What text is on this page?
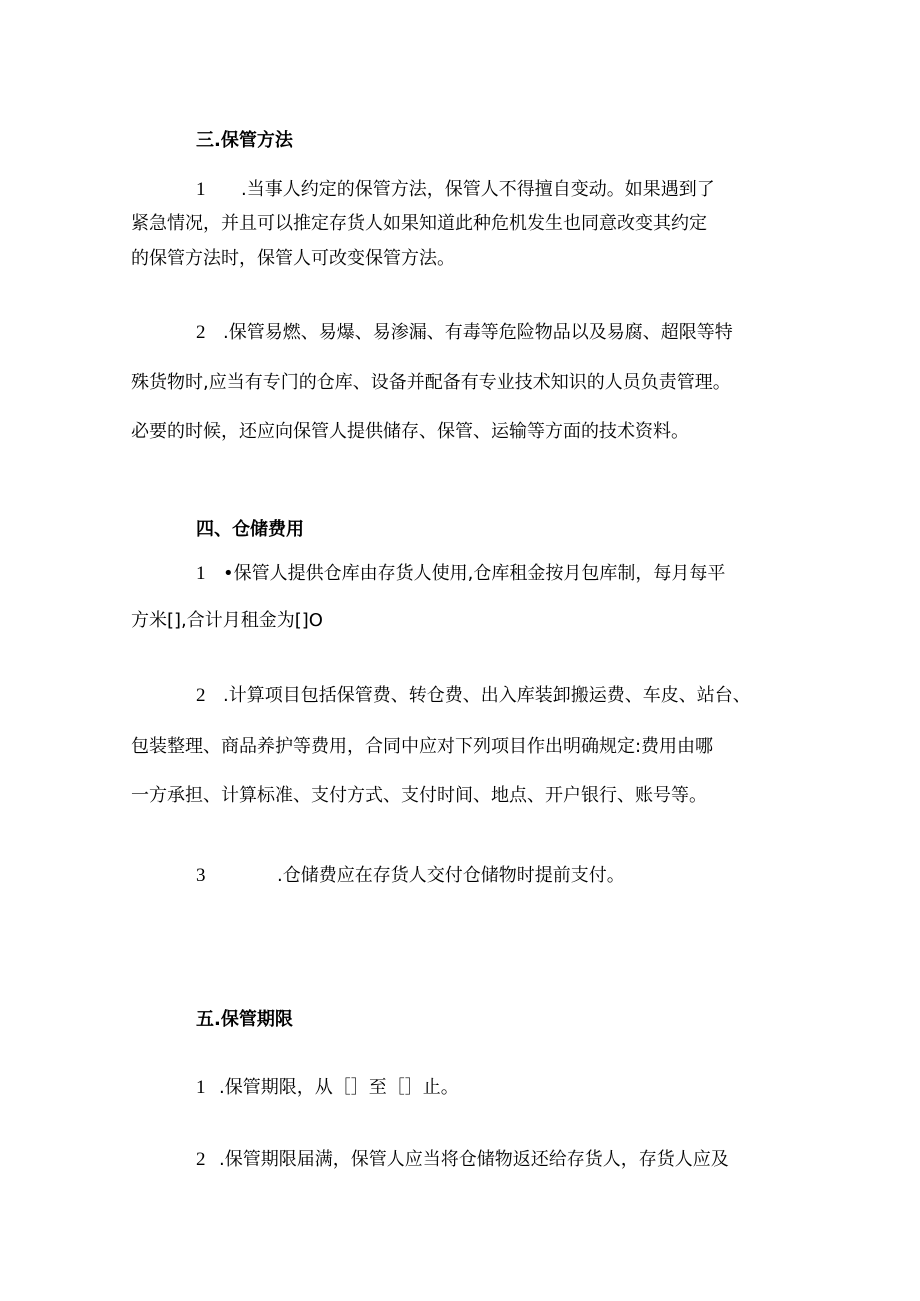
三.保管方法
1 .当事人约定的保管方法，保管人不得擅自变动。如果遇到了
紧急情况，并且可以推定存货人如果知道此种危机发生也同意改变其约定
的保管方法时，保管人可改变保管方法。
2 .保管易燃、易爆、易渗漏、有毒等危险物品以及易腐、超限等特
殊货物时,应当有专门的仓库、设备并配备有专业技术知识的人员负责管理。
必要的时候，还应向保管人提供储存、保管、运输等方面的技术资料。
四、仓储费用
1 •保管人提供仓库由存货人使用,仓库租金按月包库制，每月每平
方米[],合计月租金为[]O
2 .计算项目包括保管费、转仓费、出入库装卸搬运费、车皮、站台、
包装整理、商品养护等费用，合同中应对下列项目作出明确规定:费用由哪
一方承担、计算标准、支付方式、支付时间、地点、开户银行、账号等。
3	.仓储费应在存货人交付仓储物时提前支付。
五.保管期限
1 .保管期限，从［］至［］止。
2 .保管期限届满，保管人应当将仓储物返还给存货人，存货人应及
